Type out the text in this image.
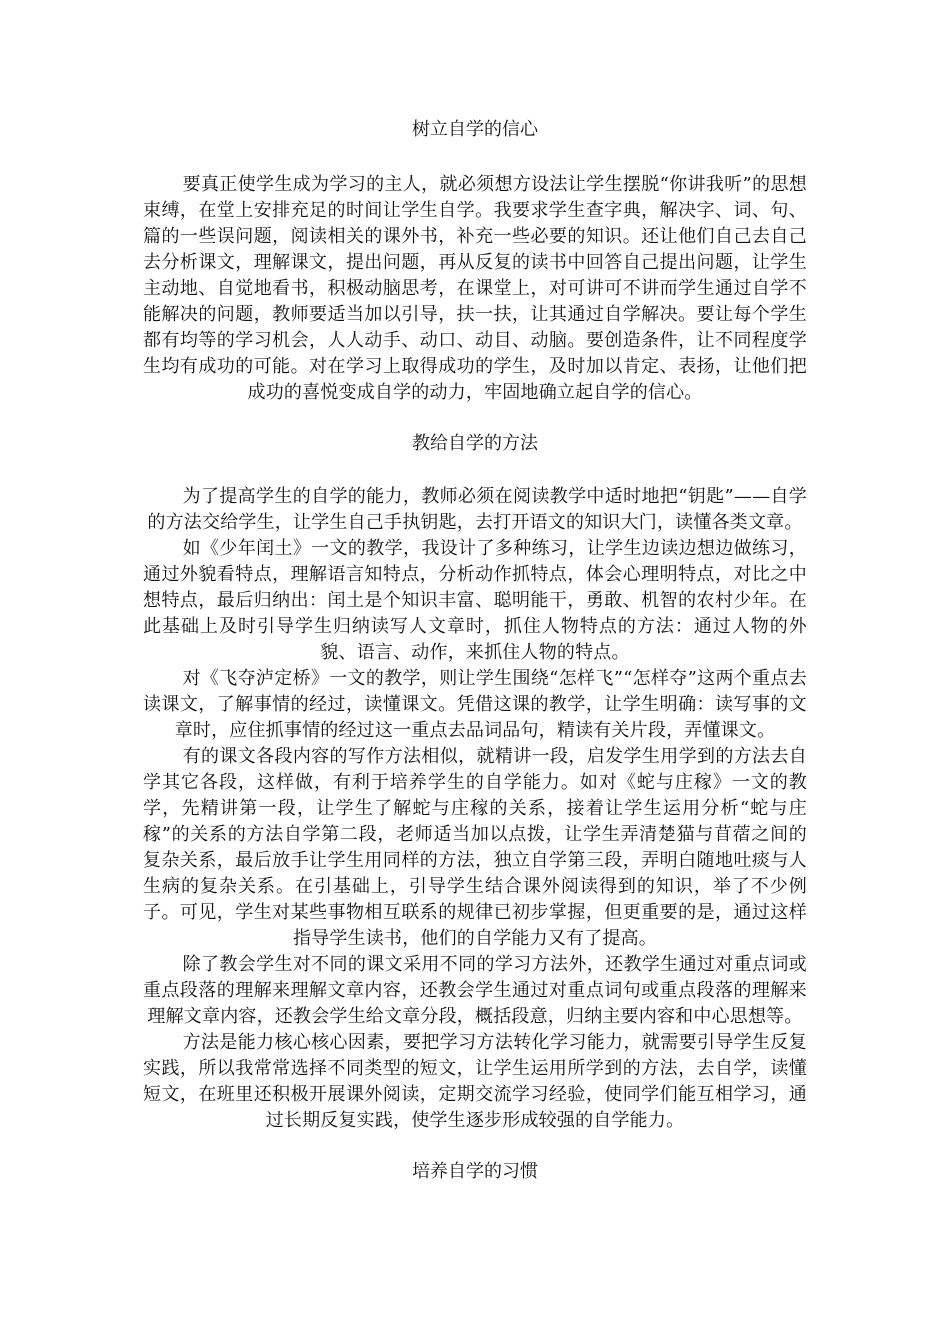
树立自学的信心

要真正使学生成为学习的主人，就必须想方设法让学生摆脱“你讲我听”的思想束缚，在堂上安排充足的时间让学生自学。我要求学生查字典，解决字、词、句、篇的一些误问题，阅读相关的课外书，补充一些必要的知识。还让他们自己去自己去分析课文，理解课文，提出问题，再从反复的读书中回答自己提出问题，让学生主动地、自觉地看书，积极动脑思考，在课堂上，对可讲可不讲而学生通过自学不能解决的问题，教师要适当加以引导，扶一扶，让其通过自学解决。要让每个学生都有均等的学习机会，人人动手、动口、动目、动脑。要创造条件，让不同程度学生均有成功的可能。对在学习上取得成功的学生，及时加以肯定、表扬，让他们把成功的喜悦变成自学的动力，牢固地确立起自学的信心。

教给自学的方法

为了提高学生的自学的能力，教师必须在阅读教学中适时地把“钥匙”——自学的方法交给学生，让学生自己手执钥匙，去打开语文的知识大门，读懂各类文章。

如《少年闰土》一文的教学，我设计了多种练习，让学生边读边想边做练习，通过外貌看特点，理解语言知特点，分析动作抓特点，体会心理明特点，对比之中想特点，最后归纳出：闰土是个知识丰富、聪明能干，勇敢、机智的农村少年。在此基础上及时引导学生归纳读写人文章时，抓住人物特点的方法：通过人物的外貌、语言、动作，来抓住人物的特点。

对《飞夺泸定桥》一文的教学，则让学生围绕“怎样飞”“怎样夺”这两个重点去读课文，了解事情的经过，读懂课文。凭借这课的教学，让学生明确：读写事的文章时，应住抓事情的经过这一重点去品词品句，精读有关片段，弄懂课文。

有的课文各段内容的写作方法相似，就精讲一段，启发学生用学到的方法去自学其它各段，这样做，有利于培养学生的自学能力。如对《蛇与庄稼》一文的教学，先精讲第一段，让学生了解蛇与庄稼的关系，接着让学生运用分析“蛇与庄稼”的关系的方法自学第二段，老师适当加以点拨，让学生弄清楚猫与苜蓿之间的复杂关系，最后放手让学生用同样的方法，独立自学第三段，弄明白随地吐痰与人生病的复杂关系。在引基础上，引导学生结合课外阅读得到的知识，举了不少例子。可见，学生对某些事物相互联系的规律已初步掌握，但更重要的是，通过这样指导学生读书，他们的自学能力又有了提高。

除了教会学生对不同的课文采用不同的学习方法外，还教学生通过对重点词或重点段落的理解来理解文章内容，还教会学生通过对重点词句或重点段落的理解来理解文章内容，还教会学生给文章分段，概括段意，归纳主要内容和中心思想等。

方法是能力核心核心因素，要把学习方法转化学习能力，就需要引导学生反复实践，所以我常常选择不同类型的短文，让学生运用所学到的方法，去自学，读懂短文，在班里还积极开展课外阅读，定期交流学习经验，使同学们能互相学习，通过长期反复实践，使学生逐步形成较强的自学能力。

培养自学的习惯
